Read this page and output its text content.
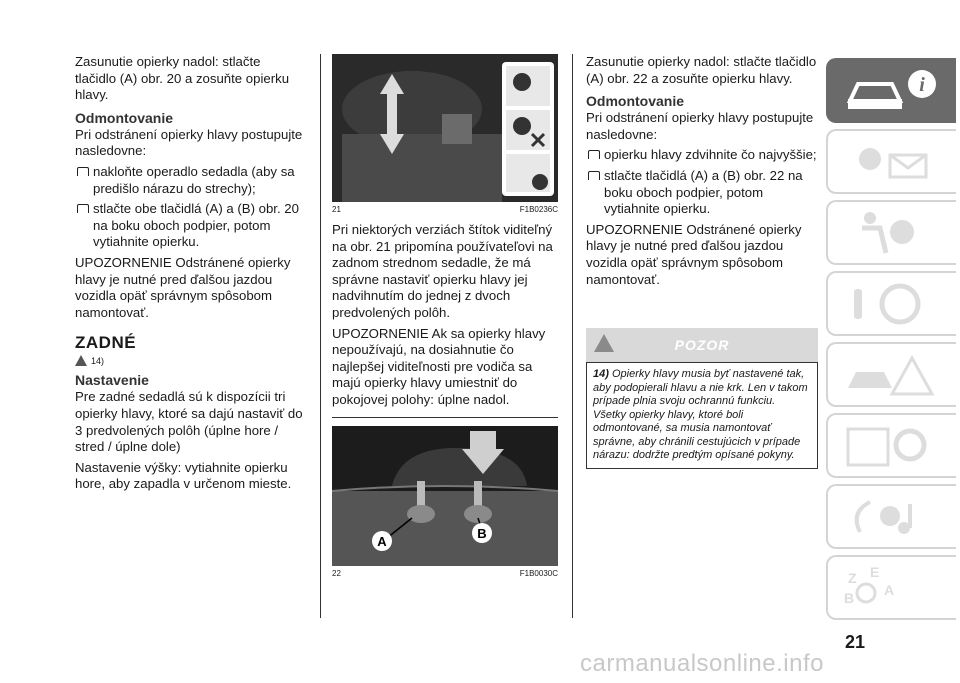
Zasunutie opierky nadol: stlačte tlačidlo (A) obr. 20 a zosuňte opierku hlavy.

Odmontovanie

Pri odstránení opierky hlavy postupujte nasledovne:

nakloňte operadlo sedadla (aby sa predišlo nárazu do strechy);

stlačte obe tlačidlá (A) a (B) obr. 20 na boku oboch podpier, potom vytiahnite opierku.

UPOZORNENIE Odstránené opierky hlavy je nutné pred ďalšou jazdou vozidla opäť správnym spôsobom namontovať.

ZADNÉ
14)
Nastavenie

Pre zadné sedadlá sú k dispozícii tri opierky hlavy, ktoré sa dajú nastaviť do 3 predvolených polôh (úplne hore / stred / úplne dole)

Nastavenie výšky: vytiahnite opierku hore, aby zapadla v určenom mieste.

21	F1B0236C

Pri niektorých verziách štítok viditeľný na obr. 21 pripomína používateľovi na zadnom strednom sedadle, že má správne nastaviť opierku hlavy jej nadvihnutím do jednej z dvoch predvolených polôh.

UPOZORNENIE Ak sa opierky hlavy nepoužívajú, na dosiahnutie čo najlepšej viditeľnosti pre vodiča sa majú opierky hlavy umiestniť do pokojovej polohy: úplne nadol.

A
B
22	F1B0030C

Zasunutie opierky nadol: stlačte tlačidlo (A) obr. 22 a zosuňte opierku hlavy.

Odmontovanie

Pri odstránení opierky hlavy postupujte nasledovne:

opierku hlavy zdvihnite čo najvyššie;

stlačte tlačidlá (A) a (B) obr. 22 na boku oboch podpier, potom vytiahnite opierku.

UPOZORNENIE Odstránené opierky hlavy je nutné pred ďalšou jazdou vozidla opäť správnym spôsobom namontovať.

POZOR
14) Opierky hlavy musia byť nastavené tak, aby podopierali hlavu a nie krk. Len v takom prípade plnia svoju ochrannú funkciu. Všetky opierky hlavy, ktoré boli odmontované, sa musia namontovať správne, aby chránili cestujúcich v prípade nárazu: dodržte predtým opísané pokyny.
i
Z E
B A
21
carmanualsonline.info
